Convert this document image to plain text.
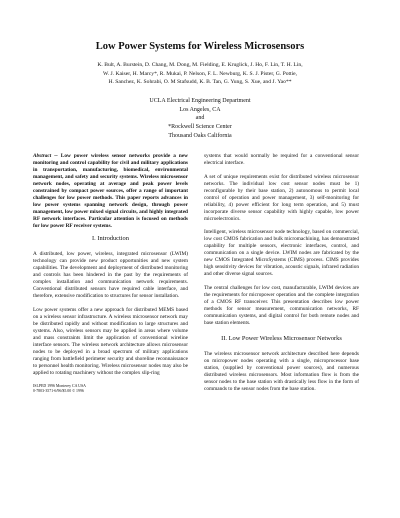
Low Power Systems for Wireless Microsensors
K. Bult, A. Burstein, D. Chang, M. Dong, M. Fielding, E. Kruglick, J. Ho, F. Lin, T. H. Lin,
W. J. Kaiser, H. Marcy*, R. Mukai, P. Nelson, F. L. Newburg, K. S. J. Pister, G. Pottie,
H. Sanchez, K. Sohrabi, O. M Stafsudd, K. B. Tan, G. Yung, S. Xue, and J. Yao**
UCLA Electrical Engineering Department
Los Angeles, CA
and
*Rockwell Science Center
Thousand Oaks California

Abstract -- Low power wireless sensor networks provide a new monitoring and control capability for civil and military applications in transportation, manufacturing, biomedical, environmental management, and safety and security systems. Wireless microsensor network nodes, operating at average and peak power levels constrained by compact power sources, offer a range of important challenges for low power methods. This paper reports advances in low power systems spanning network design, through power management, low power mixed signal circuits, and highly integrated RF network interfaces. Particular attention is focused on methods for low power RF receiver systems.

I. Introduction

A distributed, low power, wireless, integrated microsensor (LWIM) technology can provide new product opportunities and new system capabilities. The development and deployment of distributed monitoring and controls has been hindered in the past by the requirements of complex installation and communication network requirements. Conventional distributed sensors have required cable interface, and therefore, extensive modification to structures for sensor installation.

Low power systems offer a new approach for distributed MEMS based on a wireless sensor infrastructure. A wireless microsensor network may be distributed rapidly and without modification to large structures and systems. Also, wireless sensors may be applied in areas where volume and mass constraints limit the application of conventional wireline interface sensors. The wireless network architecture allows microsensor nodes to be deployed in a broad spectrum of military applications ranging from battlefield perimeter security and shoreline reconnaissance to personnel health monitoring. Wireless microsensor nodes may also be applied to rotating machinery without the complex slip-ring

ISLPED 1996 Monterey CA USA
0-7803-3571-6/96/$5.00 © 1996

systems that would normally be required for a conventional sensor electrical interface.

A set of unique requirements exist for distributed wireless microsensor networks. The individual low cost sensor nodes must be 1) reconfigurable by their base station, 2) autonomous to permit local control of operation and power management, 3) self-monitoring for reliability, 4) power efficient for long term operation, and 5) must incorporate diverse sensor capability with highly capable, low power microelectronics.

Intelligent, wireless microsensor node technology, based on commercial, low cost CMOS fabrication and bulk micromachining, has demonstrated capability for multiple sensors, electronic interfaces, control, and communication on a single device. LWIM nodes are fabricated by the new CMOS Integrated MicroSystems (CIMS) process. CIMS provides high sensitivity devices for vibration, acoustic signals, infrared radiation and other diverse signal sources.

The central challenges for low cost, manufacturable, LWIM devices are the requirements for micropower operation and the complete integration of a CMOS RF transceiver. This presentation describes low power methods for sensor measurement, communication networks, RF communication systems, and digital control for both remote nodes and base station elements.

II. Low Power Wireless Microsensor Networks

The wireless microsensor network architecture described here depends on micropower nodes operating with a single, microprocessor base station, (supplied by conventional power sources), and numerous distributed wireless microsensors. Most information flow is from the sensor nodes to the base station with drastically less flow in the form of commands to the sensor nodes from the base station.
